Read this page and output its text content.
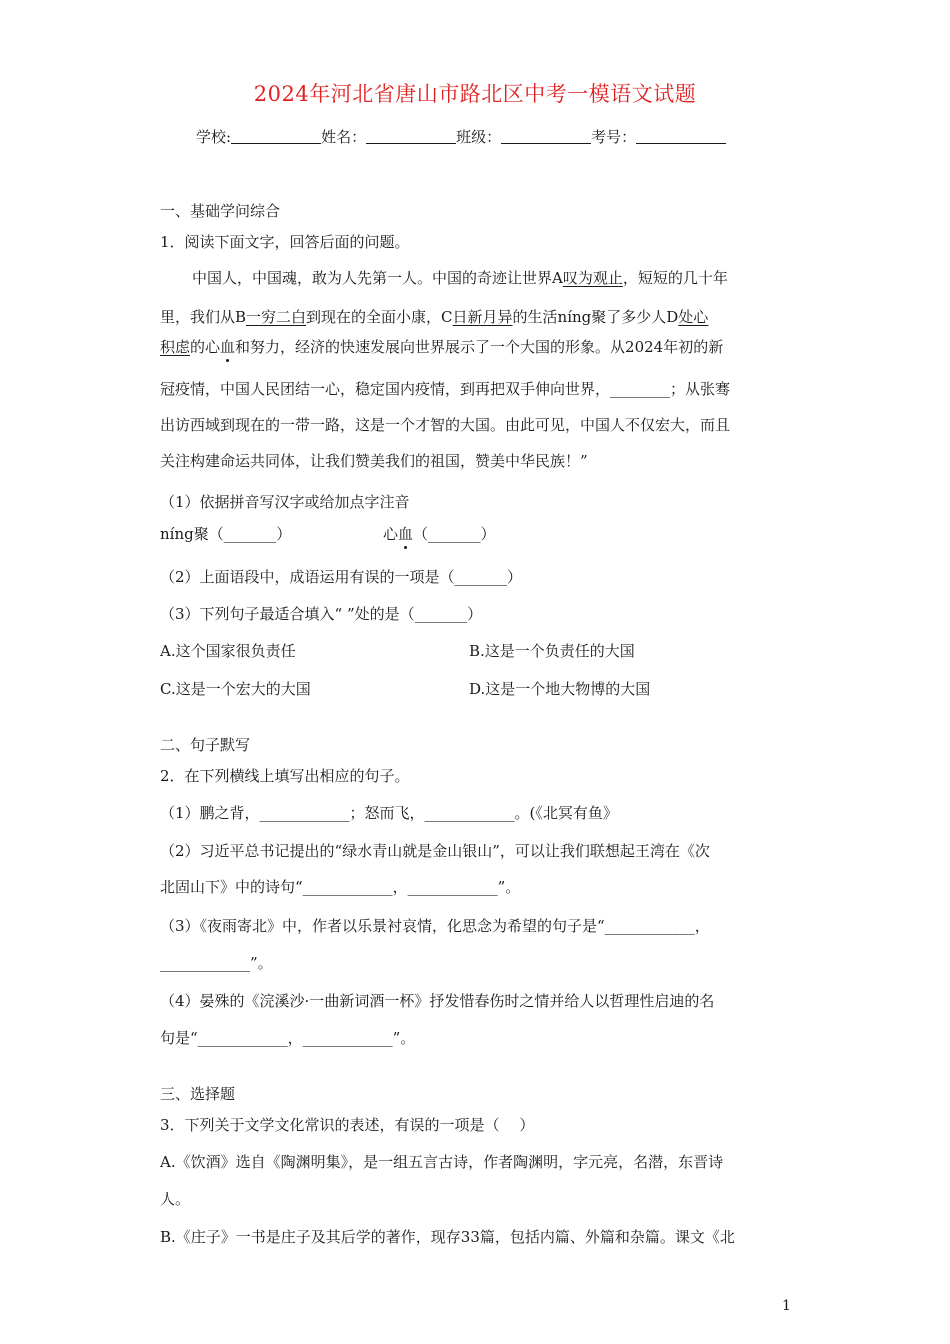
2024年河北省唐山市路北区中考一模语文试题
学校:	姓名：	班级：	考号：
一、基础学问综合
1．阅读下面文字，回答后面的问题。
中国人，中国魂，敢为人先第一人。中国的奇迹让世界A叹为观止，短短的几十年
里，我们从B一穷二白到现在的全面小康，C日新月异的生活níng聚了多少人D处心
积虑的心血和努力，经济的快速发展向世界展示了一个大国的形象。从2024年初的新
冠疫情，中国人民团结一心，稳定国内疫情，到再把双手伸向世界，________；从张骞
出访西域到现在的一带一路，这是一个才智的大国。由此可见，中国人不仅宏大，而且
关注构建命运共同体，让我们赞美我们的祖国，赞美中华民族！”
（1）依据拼音写汉字或给加点字注音
níng聚（_______）	心血（_______）
（2）上面语段中，成语运用有误的一项是（_______）
（3）下列句子最适合填入“ ”处的是（_______）
A.这个国家很负责任	B.这是一个负责任的大国
C.这是一个宏大的大国	D.这是一个地大物博的大国
二、句子默写
2．在下列横线上填写出相应的句子。
（1）鹏之背，____________；怒而飞，____________。(《北冥有鱼》
（2）习近平总书记提出的“绿水青山就是金山银山”，可以让我们联想起王湾在《次
北固山下》中的诗句“____________，____________”。
（3）《夜雨寄北》中，作者以乐景衬哀情，化思念为希望的句子是“____________，
____________”。
（4）晏殊的《浣溪沙·一曲新词酒一杯》抒发惜春伤时之情并给人以哲理性启迪的名
句是“____________，____________”。
三、选择题
3．下列关于文学文化常识的表述，有误的一项是（　 ）
A.《饮酒》选自《陶渊明集》，是一组五言古诗，作者陶渊明，字元亮，名潜，东晋诗
人。
B.《庄子》一书是庄子及其后学的著作，现存33篇，包括内篇、外篇和杂篇。课文《北
1
